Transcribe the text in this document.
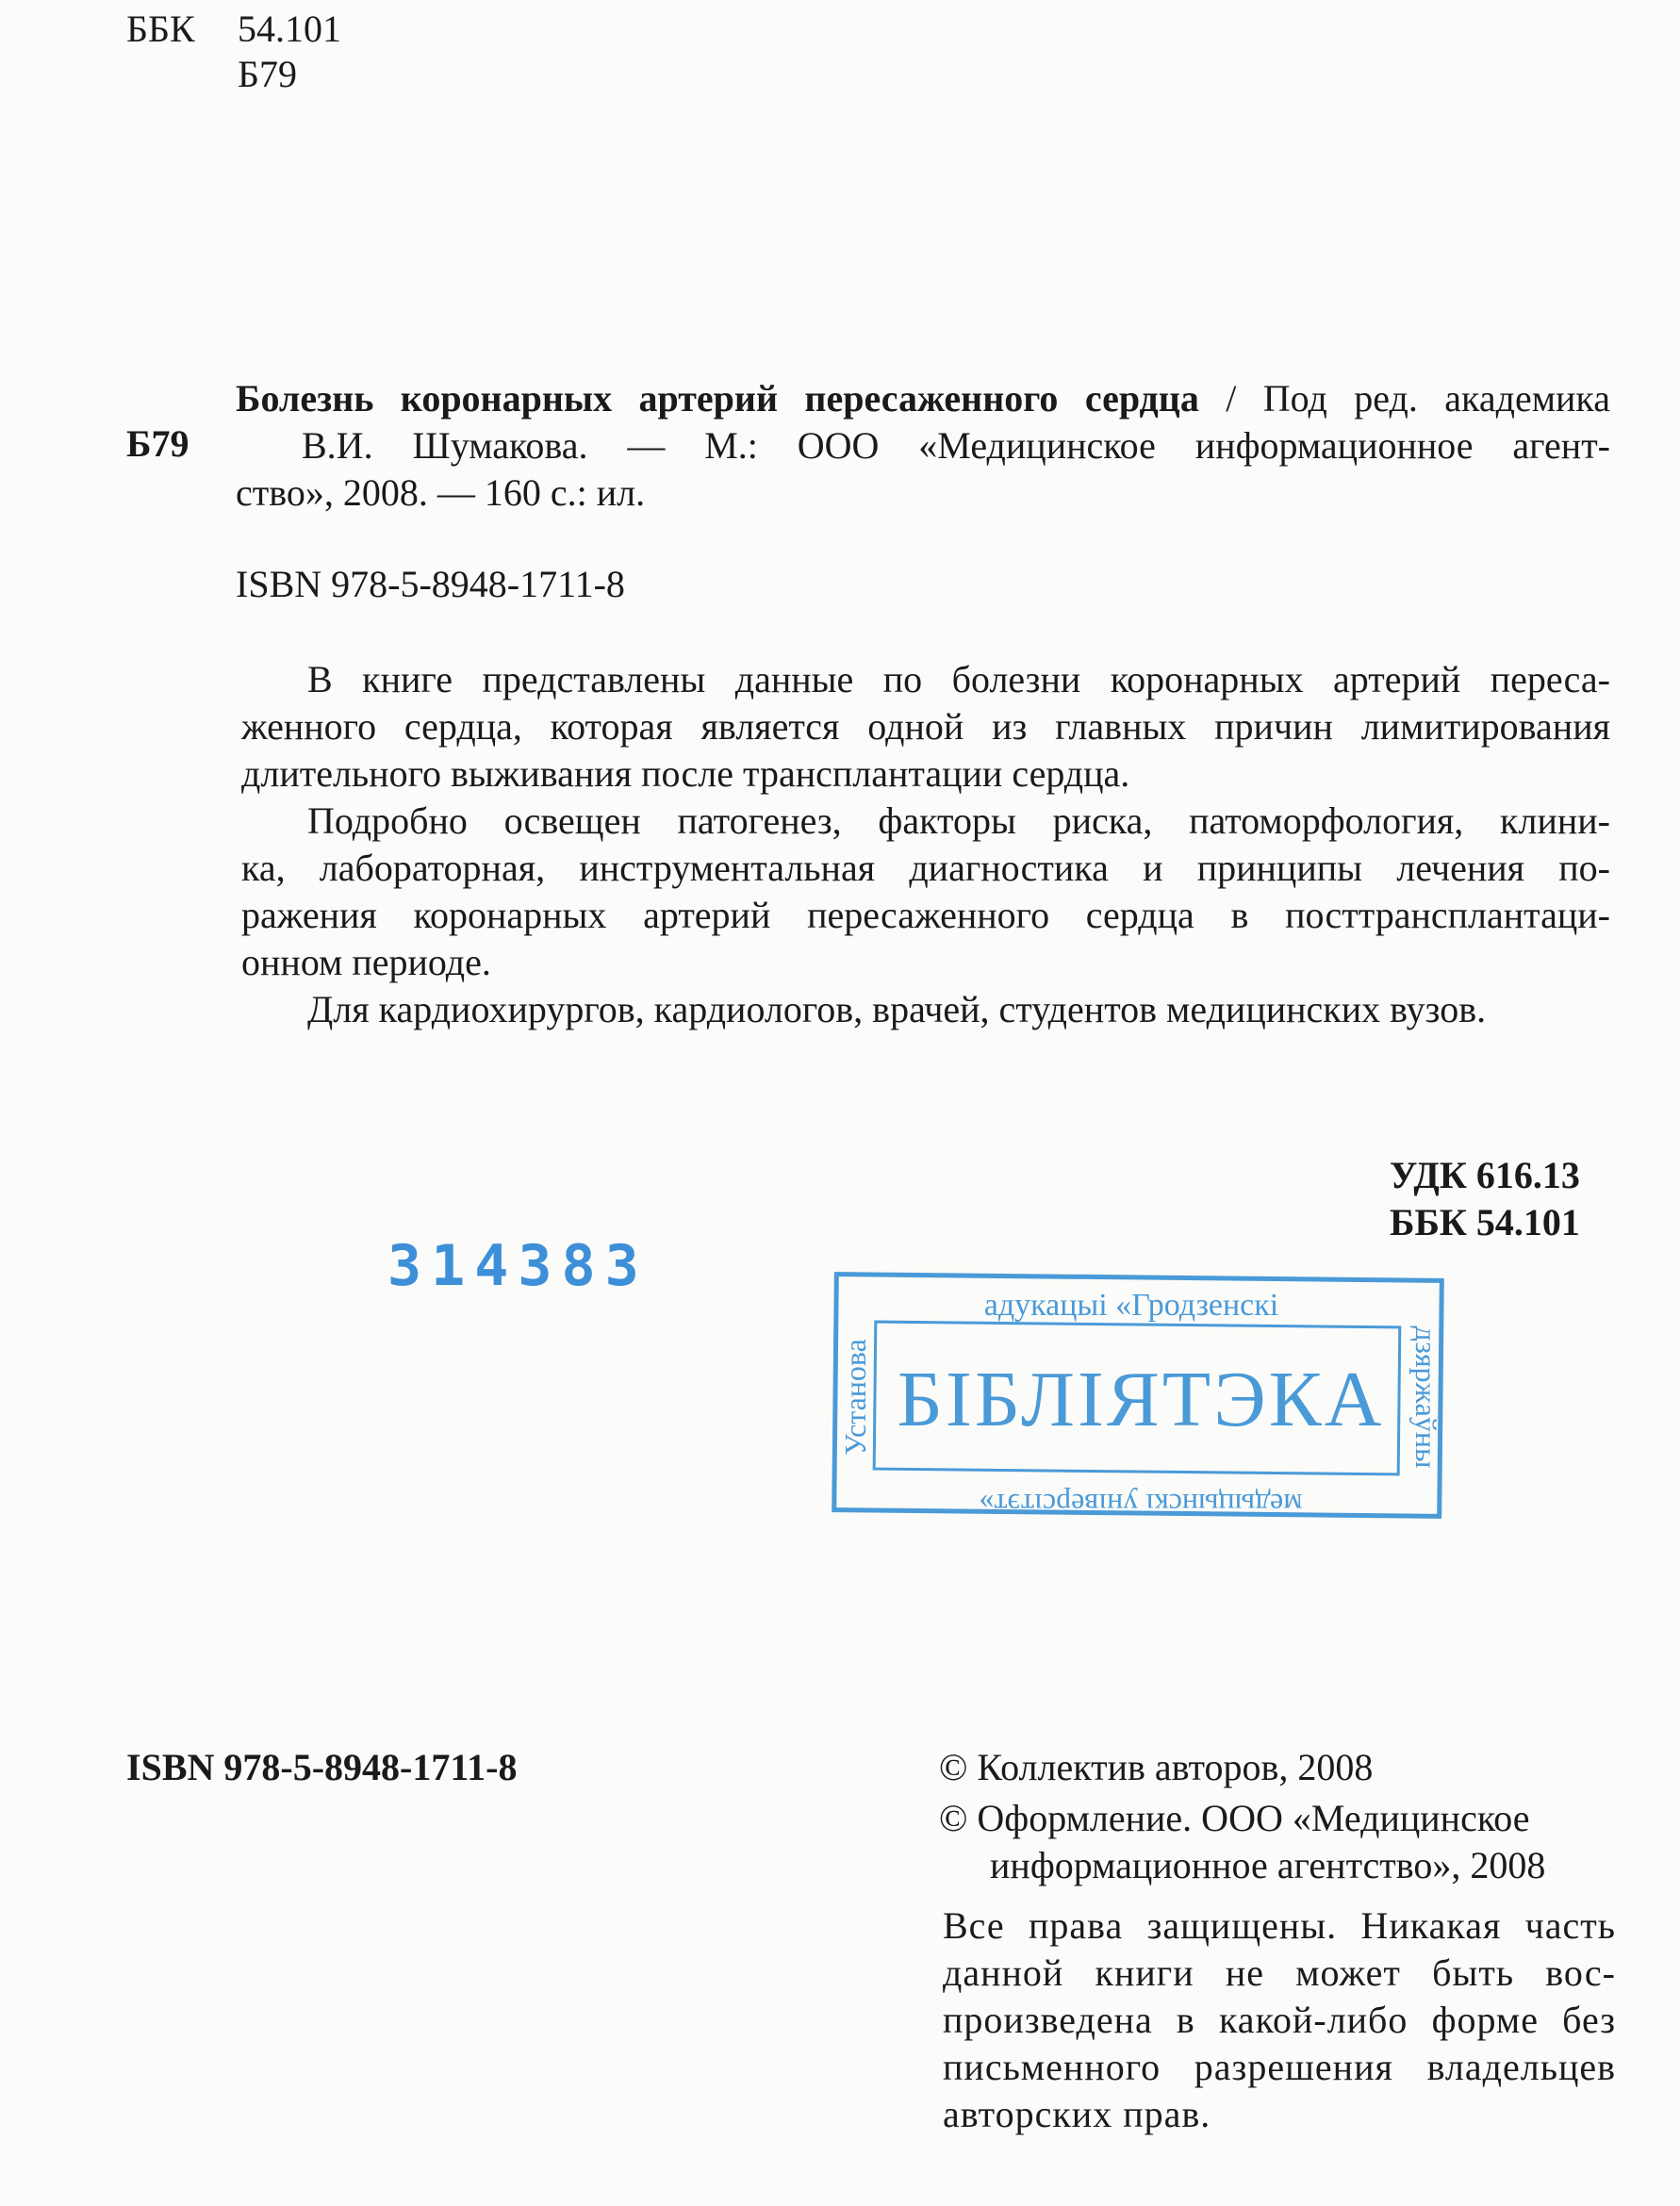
ББК 54.101
Б79
Б79

Болезнь коронарных артерий пересаженного сердца / Под ред. академика

В.И. Шумакова. — М.: ООО «Медицинское информационное агент-

ство», 2008. — 160 с.: ил.

ISBN 978-5-8948-1711-8

В книге представлены данные по болезни коронарных артерий переса-

женного сердца, которая является одной из главных причин лимитирования

длительного выживания после трансплантации сердца.

Подробно освещен патогенез, факторы риска, патоморфология, клини-

ка, лабораторная, инструментальная диагностика и принципы лечения по-

ражения коронарных артерий пересаженного сердца в посттрансплантаци-

онном периоде.

Для кардиохирургов, кардиологов, врачей, студентов медицинских вузов.

УДК 616.13
ББК 54.101
314383
адукацыі «Гродзенскі
БІБЛІЯТЭКА
Установа	дзяржаўны
медыцынскі ўніверсітэт»
ISBN 978-5-8948-1711-8	© Коллектив авторов, 2008
© Оформление. ООО «Медицинское
информационное агентство», 2008

Все права защищены. Никакая часть

данной книги не может быть вос-

произведена в какой-либо форме без

письменного разрешения владельцев

авторских прав.
